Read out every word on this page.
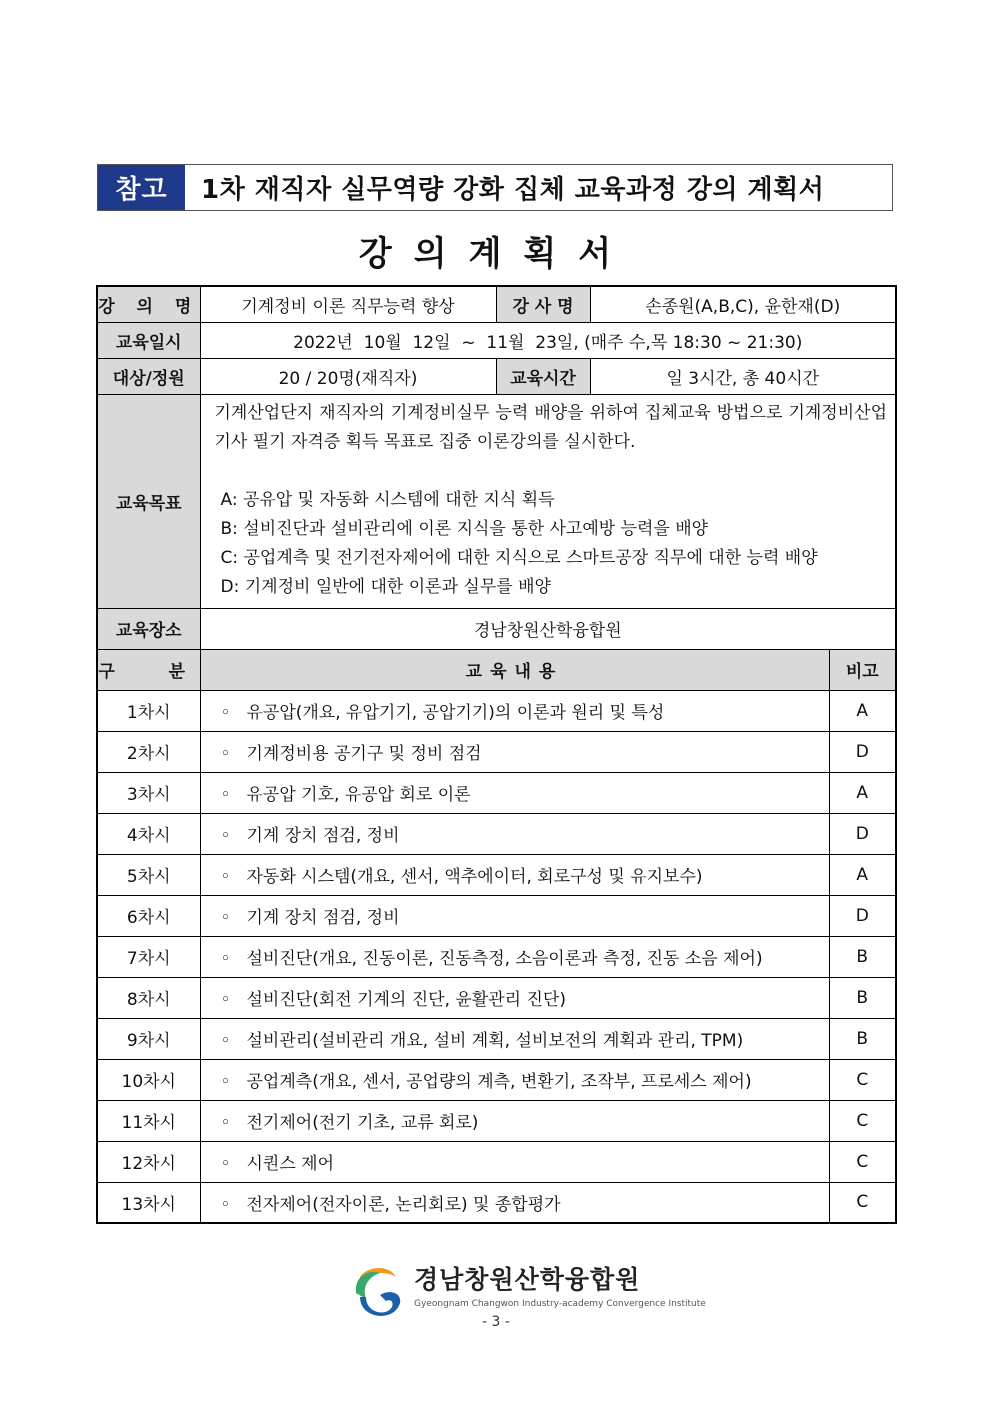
참고	1차 재직자 실무역량 강화 집체 교육과정 강의 계획서
강의계획서
강 의 명	기계정비 이론 직무능력 향상	강 사 명	손종원(A,B,C), 윤한재(D)	
교육일시	2022년  10월  12일  ~  11월  23일, (매주 수,목 18:30 ~ 21:30)			
대상/정원	20 / 20명(재직자)	교육시간	일 3시간, 총 40시간	
교육목표	기계산업단지 재직자의 기계정비실무 능력 배양을 위하여 집체교육 방법으로 기계정비산업기사 필기 자격증 획득 목표로 집중 이론강의를 실시한다.
A: 공유압 및 자동화 시스템에 대한 지식 획득
B: 설비진단과 설비관리에 이론 지식을 통한 사고예방 능력을 배양
C: 공업계측 및 전기전자제어에 대한 지식으로 스마트공장 직무에 대한 능력 배양
D: 기계정비 일반에 대한 이론과 실무를 배양			

교육장소	경남창원산학융합원			
구  분	교육내용			비고
1차시	◦ 유공압(개요, 유압기기, 공압기기)의 이론과 원리 및 특성			A
2차시	◦ 기계정비용 공기구 및 정비 점검			D
3차시	◦ 유공압 기호, 유공압 회로 이론			A
4차시	◦ 기계 장치 점검, 정비			D
5차시	◦ 자동화 시스템(개요, 센서, 액추에이터, 회로구성 및 유지보수)			A
6차시	◦ 기계 장치 점검, 정비			D
7차시	◦ 설비진단(개요, 진동이론, 진동측정, 소음이론과 측정, 진동 소음 제어)			B
8차시	◦ 설비진단(회전 기계의 진단, 윤활관리 진단)			B
9차시	◦ 설비관리(설비관리 개요, 설비 계획, 설비보전의 계획과 관리, TPM)			B
10차시	◦ 공업계측(개요, 센서, 공업량의 계측, 변환기, 조작부, 프로세스 제어)			C
11차시	◦ 전기제어(전기 기초, 교류 회로)			C
12차시	◦ 시퀀스 제어			C
13차시	◦ 전자제어(전자이론, 논리회로) 및 종합평가			C
경남창원산학융합원
Gyeongnam Changwon Industry-academy Convergence Institute
- 3 -
